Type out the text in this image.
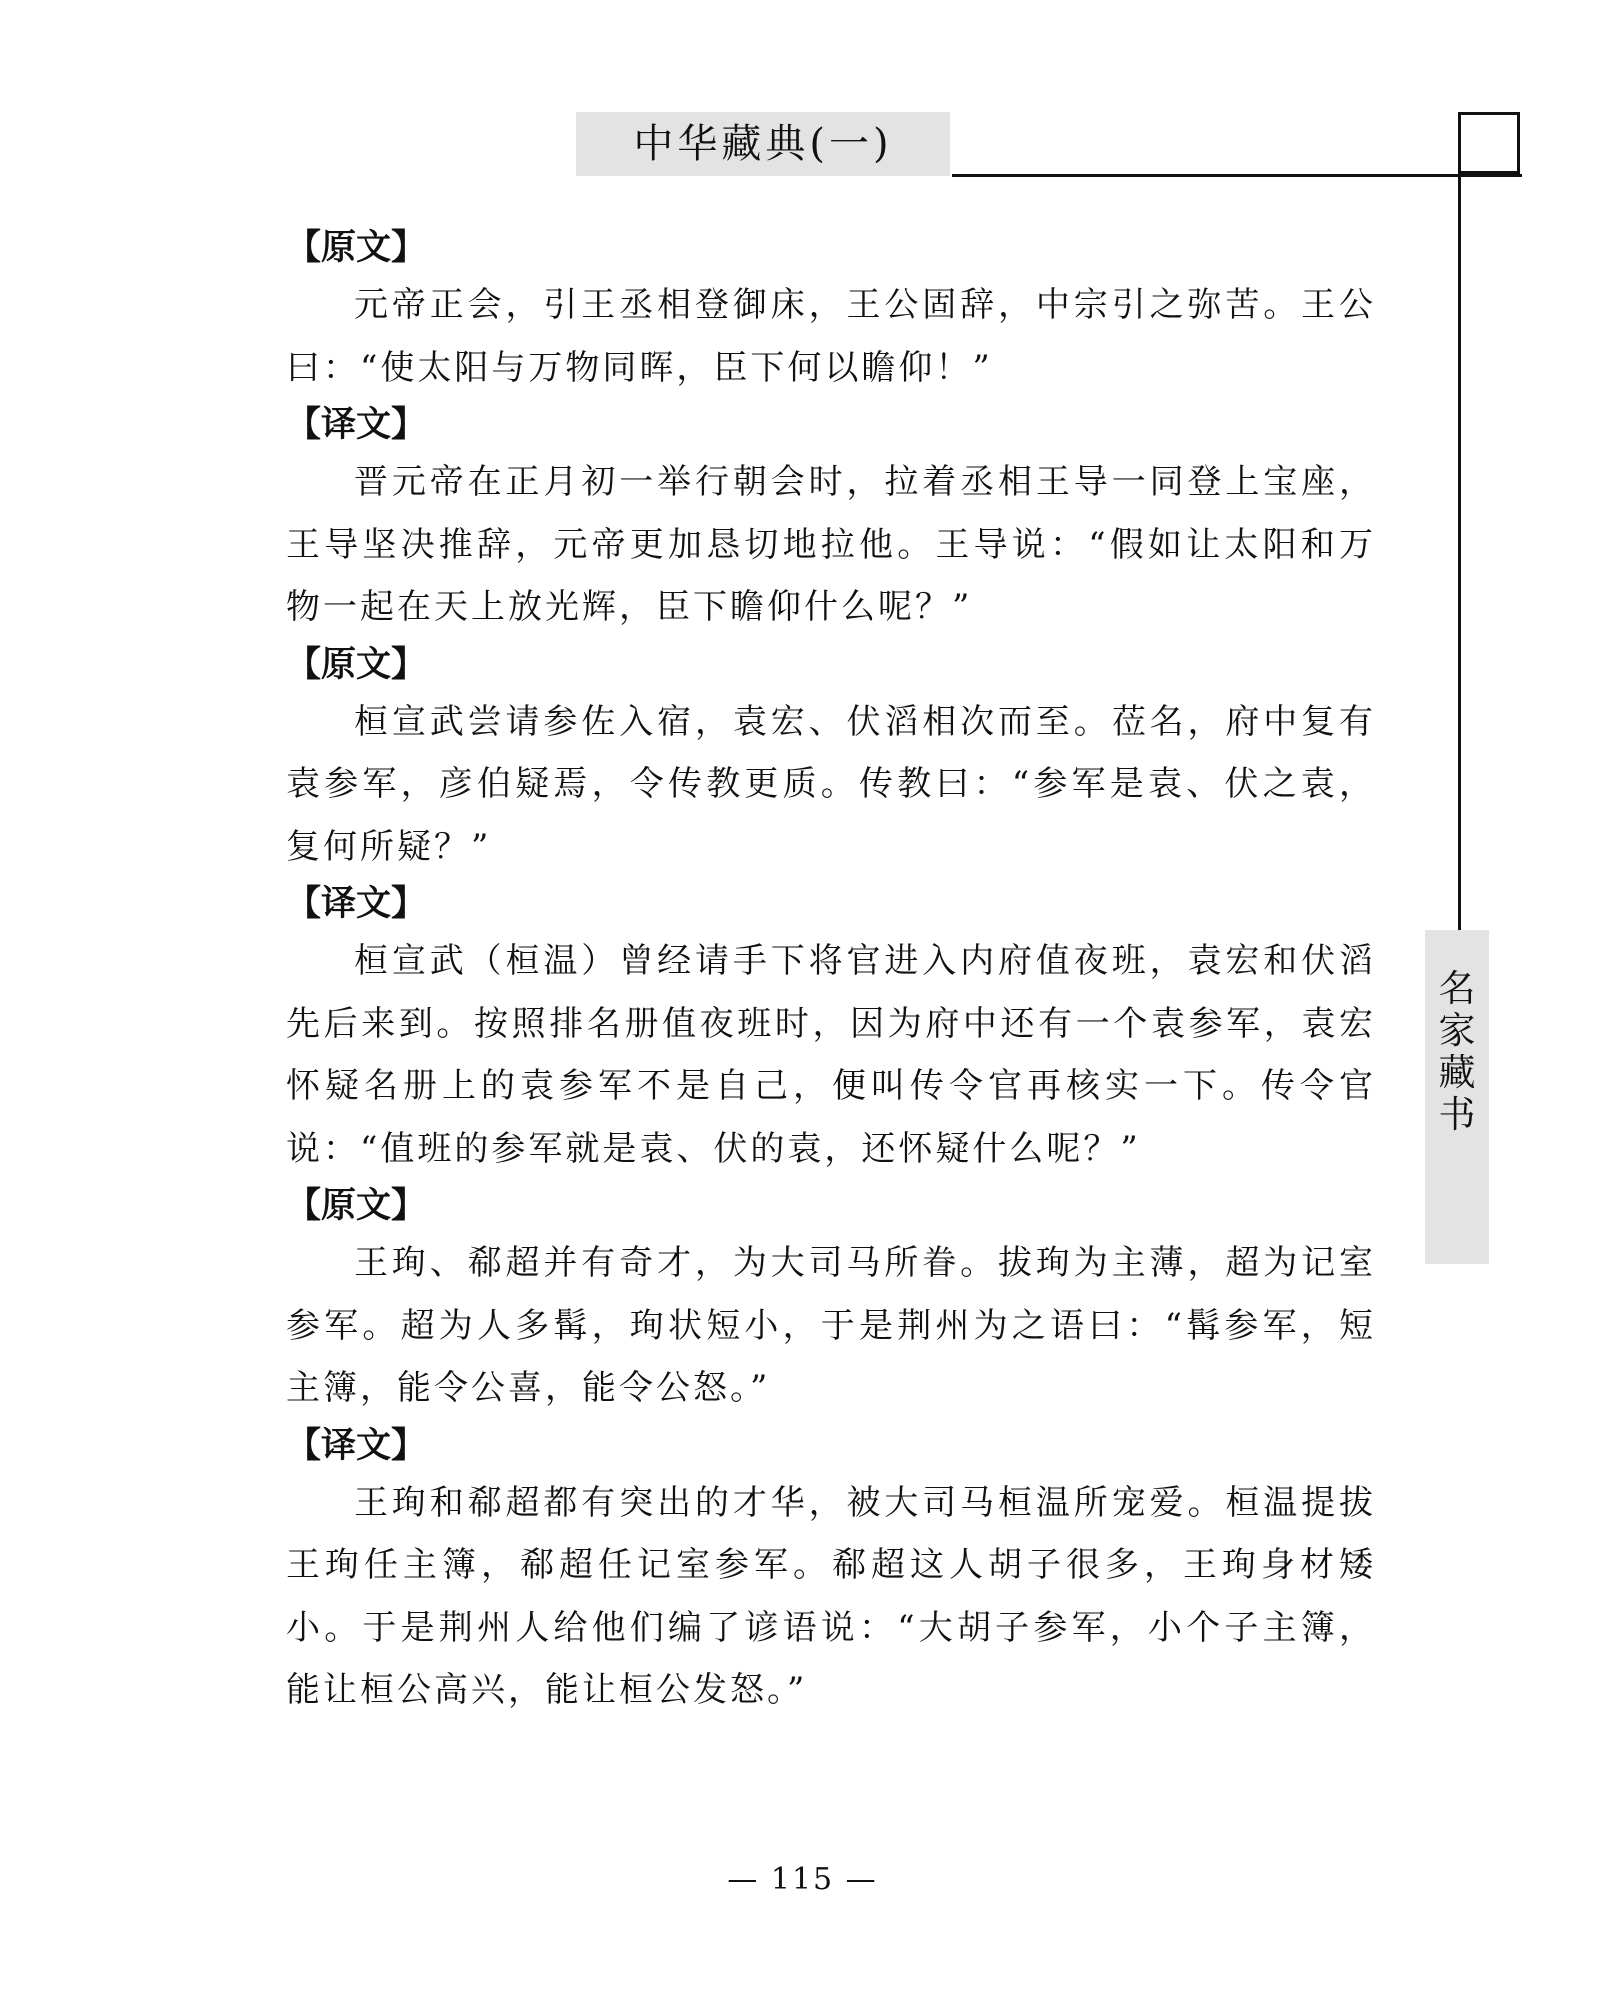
中华藏典(一)
名
家
藏
书
【原文】

元帝正会，引王丞相登御床，王公固辞，中宗引之弥苦。王公曰：“使太阳与万物同晖，臣下何以瞻仰！”

【译文】

晋元帝在正月初一举行朝会时，拉着丞相王导一同登上宝座，王导坚决推辞，元帝更加恳切地拉他。王导说：“假如让太阳和万物一起在天上放光辉，臣下瞻仰什么呢？”

【原文】

桓宣武尝请参佐入宿，袁宏、伏滔相次而至。莅名，府中复有袁参军，彦伯疑焉，令传教更质。传教曰：“参军是袁、伏之袁，复何所疑？”

【译文】

桓宣武（桓温）曾经请手下将官进入内府值夜班，袁宏和伏滔先后来到。按照排名册值夜班时，因为府中还有一个袁参军，袁宏怀疑名册上的袁参军不是自己，便叫传令官再核实一下。传令官说：“值班的参军就是袁、伏的袁，还怀疑什么呢？”

【原文】

王珣、郗超并有奇才，为大司马所眷。拔珣为主薄，超为记室参军。超为人多髯，珣状短小，于是荆州为之语曰：“髯参军，短主簿，能令公喜，能令公怒。”

【译文】

王珣和郗超都有突出的才华，被大司马桓温所宠爱。桓温提拔王珣任主簿，郗超任记室参军。郗超这人胡子很多，王珣身材矮小。于是荆州人给他们编了谚语说：“大胡子参军，小个子主簿，能让桓公高兴，能让桓公发怒。”

— 115 —
